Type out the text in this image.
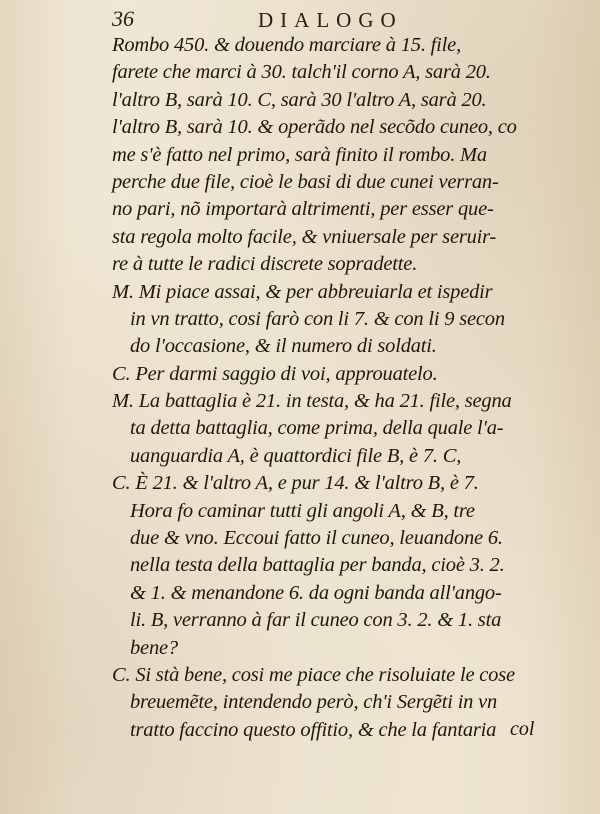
36	DIALOGO
Rombo 450. & douendo marciare à 15. file,
farete che marci à 30. talch'il corno A, sarà 20.
l'altro B, sarà 10. C, sarà 30 l'altro A, sarà 20.
l'altro B, sarà 10. & operãdo nel secõdo cuneo, co
me s'è fatto nel primo, sarà finito il rombo. Ma
perche due file, cioè le basi di due cunei verran-
no pari, nõ importarà altrimenti, per esser que-
sta regola molto facile, & vniuersale per seruir-
re à tutte le radici discrete sopradette.
M. Mi piace assai, & per abbreuiarla et ispedir
in vn tratto, cosi farò con li 7. & con li 9 secon
do l'occasione, & il numero di soldati.
C. Per darmi saggio di voi, approuatelo.
M. La battaglia è 21. in testa, & ha 21. file, segna
ta detta battaglia, come prima, della quale l'a-
uanguardia A, è quattordici file B, è 7. C,
C. È 21. & l'altro A, e pur 14. & l'altro B, è 7.
Hora fo caminar tutti gli angoli A, & B, tre
due & vno. Eccoui fatto il cuneo, leuandone 6.
nella testa della battaglia per banda, cioè 3. 2.
& 1. & menandone 6. da ogni banda all'ango-
li. B, verranno à far il cuneo con 3. 2. & 1. sta
bene?
C. Si stà bene, cosi me piace che risoluiate le cose
breuemẽte, intendendo però, ch'i Sergẽti in vn
tratto faccino questo offitio, & che la fantaria col
